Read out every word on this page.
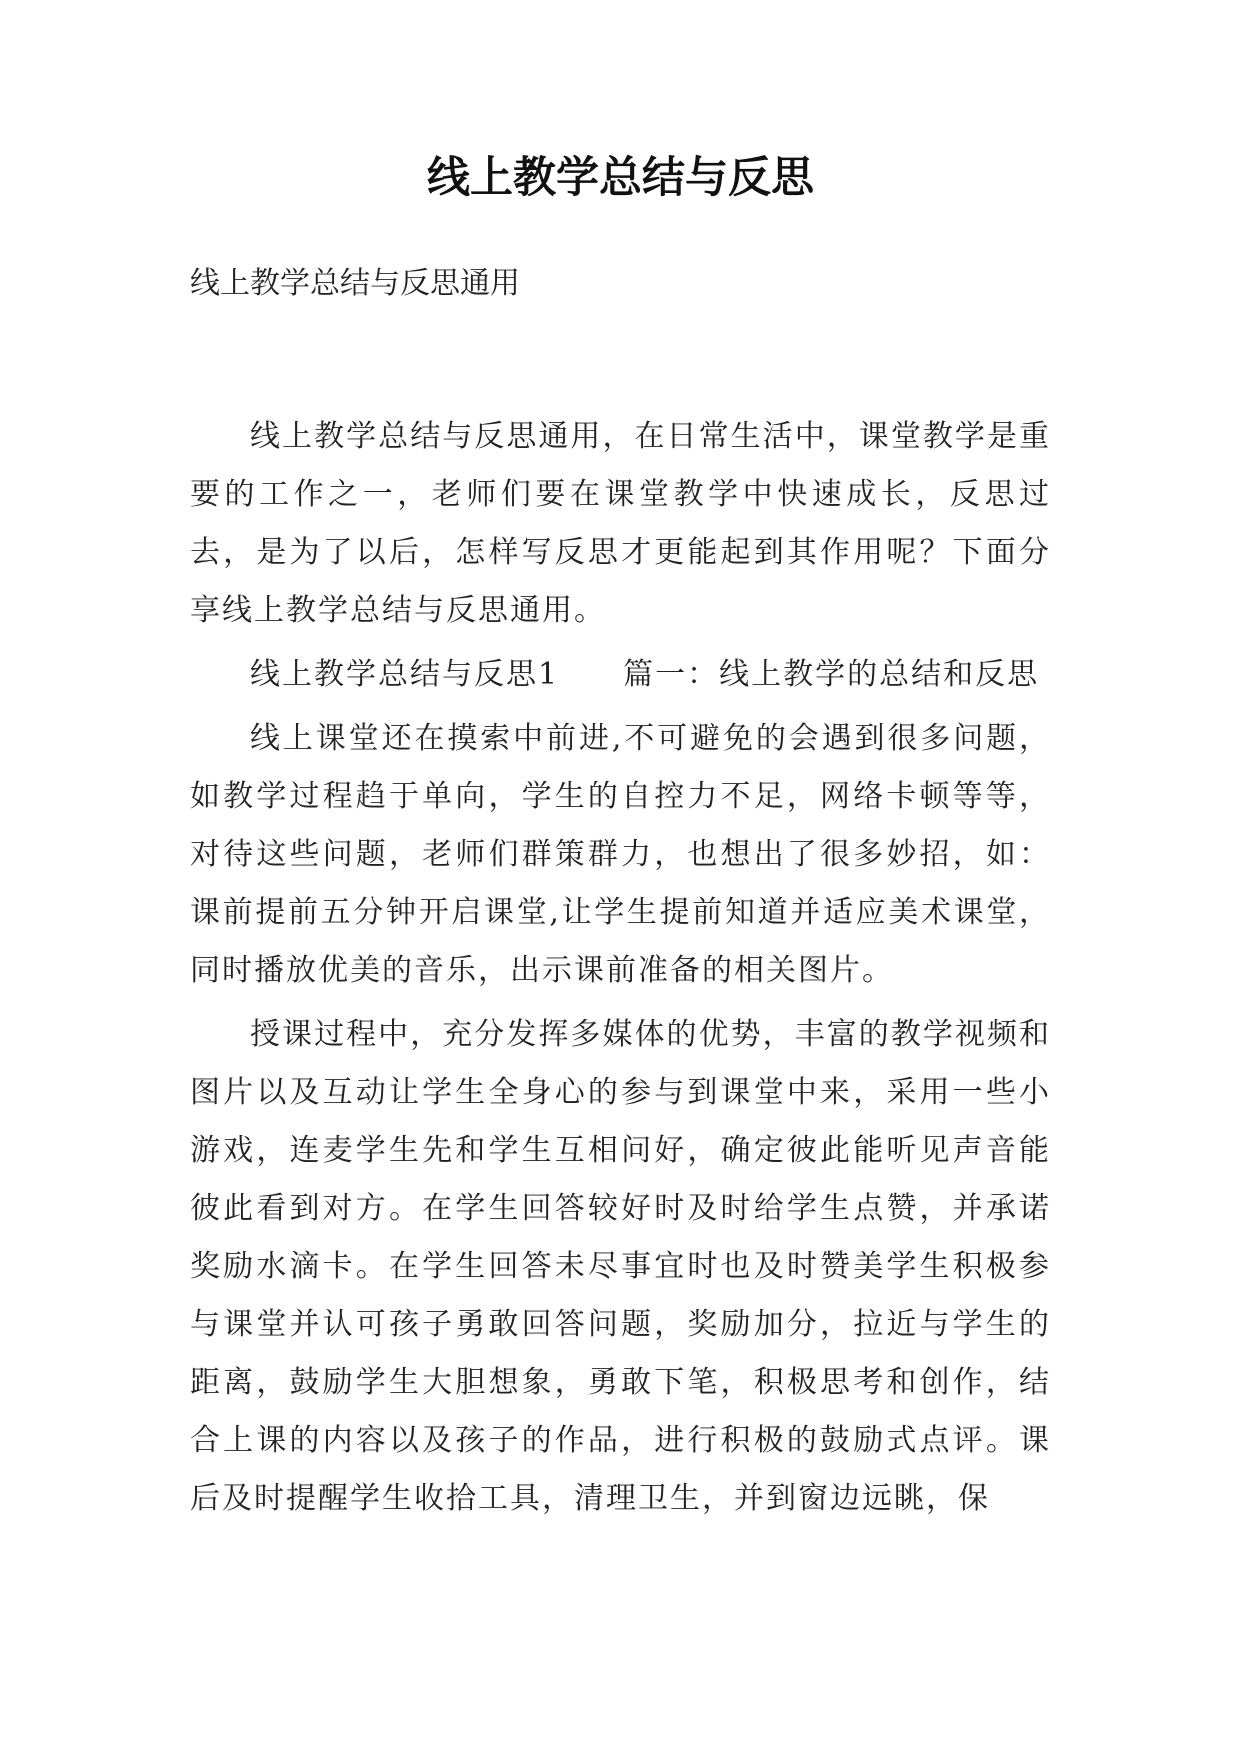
线上教学总结与反思

线上教学总结与反思通用

线上教学总结与反思通用，在日常生活中，课堂教学是重要的工作之一，老师们要在课堂教学中快速成长，反思过去，是为了以后，怎样写反思才更能起到其作用呢？下面分享线上教学总结与反思通用。

线上教学总结与反思1 篇一：线上教学的总结和反思

线上课堂还在摸索中前进,不可避免的会遇到很多问题，如教学过程趋于单向，学生的自控力不足，网络卡顿等等，对待这些问题，老师们群策群力，也想出了很多妙招，如：课前提前五分钟开启课堂,让学生提前知道并适应美术课堂，同时播放优美的音乐，出示课前准备的相关图片。

授课过程中，充分发挥多媒体的优势，丰富的教学视频和图片以及互动让学生全身心的参与到课堂中来，采用一些小游戏，连麦学生先和学生互相问好，确定彼此能听见声音能彼此看到对方。在学生回答较好时及时给学生点赞，并承诺奖励水滴卡。在学生回答未尽事宜时也及时赞美学生积极参与课堂并认可孩子勇敢回答问题，奖励加分，拉近与学生的距离，鼓励学生大胆想象，勇敢下笔，积极思考和创作，结合上课的内容以及孩子的作品，进行积极的鼓励式点评。课后及时提醒学生收拾工具，清理卫生，并到窗边远眺，保
